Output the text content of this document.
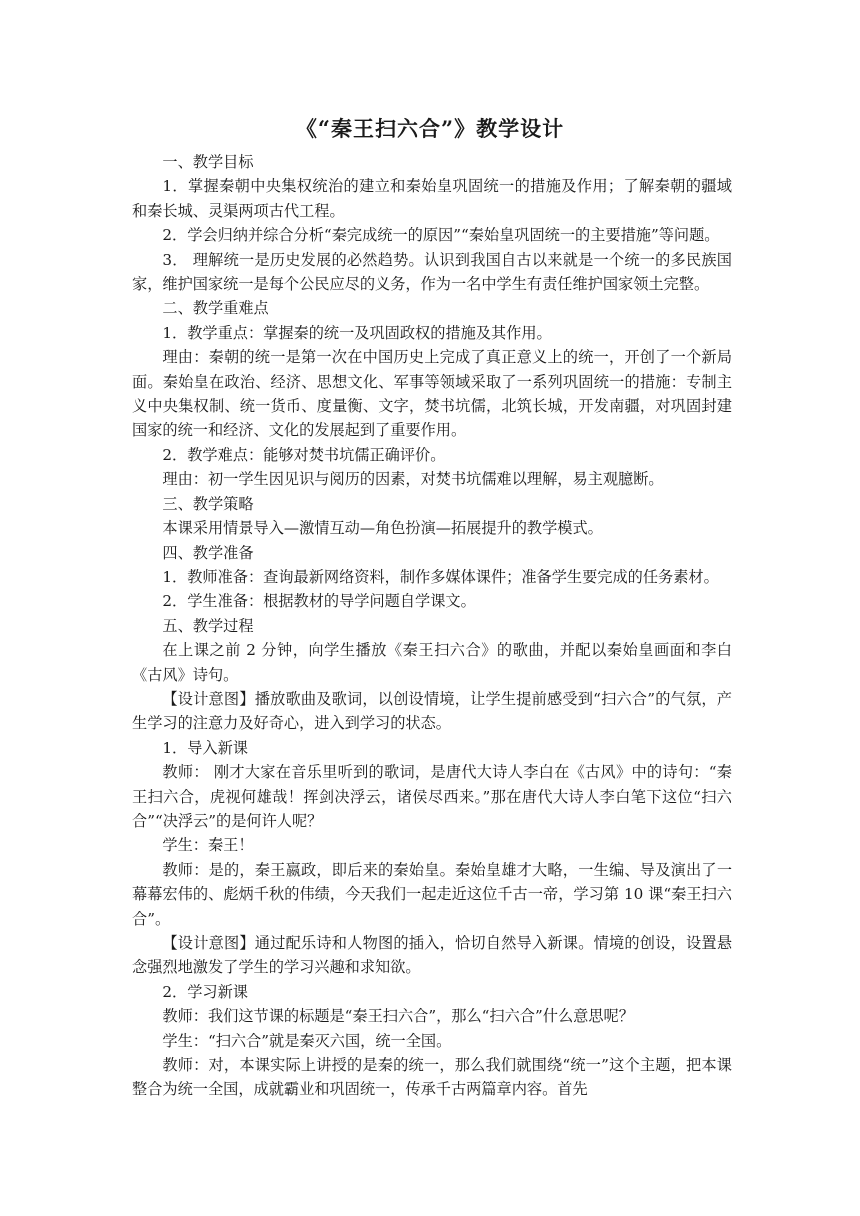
《“秦王扫六合”》教学设计

一、教学目标

1．掌握秦朝中央集权统治的建立和秦始皇巩固统一的措施及作用；了解秦朝的疆域和秦长城、灵渠两项古代工程。

2．学会归纳并综合分析“秦完成统一的原因”“秦始皇巩固统一的主要措施”等问题。

3． 理解统一是历史发展的必然趋势。认识到我国自古以来就是一个统一的多民族国家，维护国家统一是每个公民应尽的义务，作为一名中学生有责任维护国家领土完整。

二、教学重难点

1．教学重点：掌握秦的统一及巩固政权的措施及其作用。

理由：秦朝的统一是第一次在中国历史上完成了真正意义上的统一，开创了一个新局面。秦始皇在政治、经济、思想文化、军事等领域采取了一系列巩固统一的措施：专制主义中央集权制、统一货币、度量衡、文字，焚书坑儒，北筑长城，开发南疆，对巩固封建国家的统一和经济、文化的发展起到了重要作用。

2．教学难点：能够对焚书坑儒正确评价。

理由：初一学生因见识与阅历的因素，对焚书坑儒难以理解，易主观臆断。

三、教学策略

本课采用情景导入—激情互动—角色扮演—拓展提升的教学模式。

四、教学准备

1．教师准备：查询最新网络资料，制作多媒体课件；准备学生要完成的任务素材。

2．学生准备：根据教材的导学问题自学课文。

五、教学过程

在上课之前 2 分钟，向学生播放《秦王扫六合》的歌曲，并配以秦始皇画面和李白《古风》诗句。

【设计意图】播放歌曲及歌词，以创设情境，让学生提前感受到“扫六合”的气氛，产生学习的注意力及好奇心，进入到学习的状态。

1．导入新课

教师： 刚才大家在音乐里听到的歌词，是唐代大诗人李白在《古风》中的诗句：“秦王扫六合，虎视何雄哉！挥剑决浮云，诸侯尽西来。”那在唐代大诗人李白笔下这位“扫六合”“决浮云”的是何许人呢？

学生：秦王！

教师：是的，秦王嬴政，即后来的秦始皇。秦始皇雄才大略，一生编、导及演出了一幕幕宏伟的、彪炳千秋的伟绩，今天我们一起走近这位千古一帝，学习第 10 课“秦王扫六合”。

【设计意图】通过配乐诗和人物图的插入，恰切自然导入新课。情境的创设，设置悬念强烈地激发了学生的学习兴趣和求知欲。

2．学习新课

教师：我们这节课的标题是“秦王扫六合”，那么“扫六合”什么意思呢？

学生：“扫六合”就是秦灭六国，统一全国。

教师：对，本课实际上讲授的是秦的统一，那么我们就围绕“统一”这个主题，把本课整合为统一全国，成就霸业和巩固统一，传承千古两篇章内容。首先
